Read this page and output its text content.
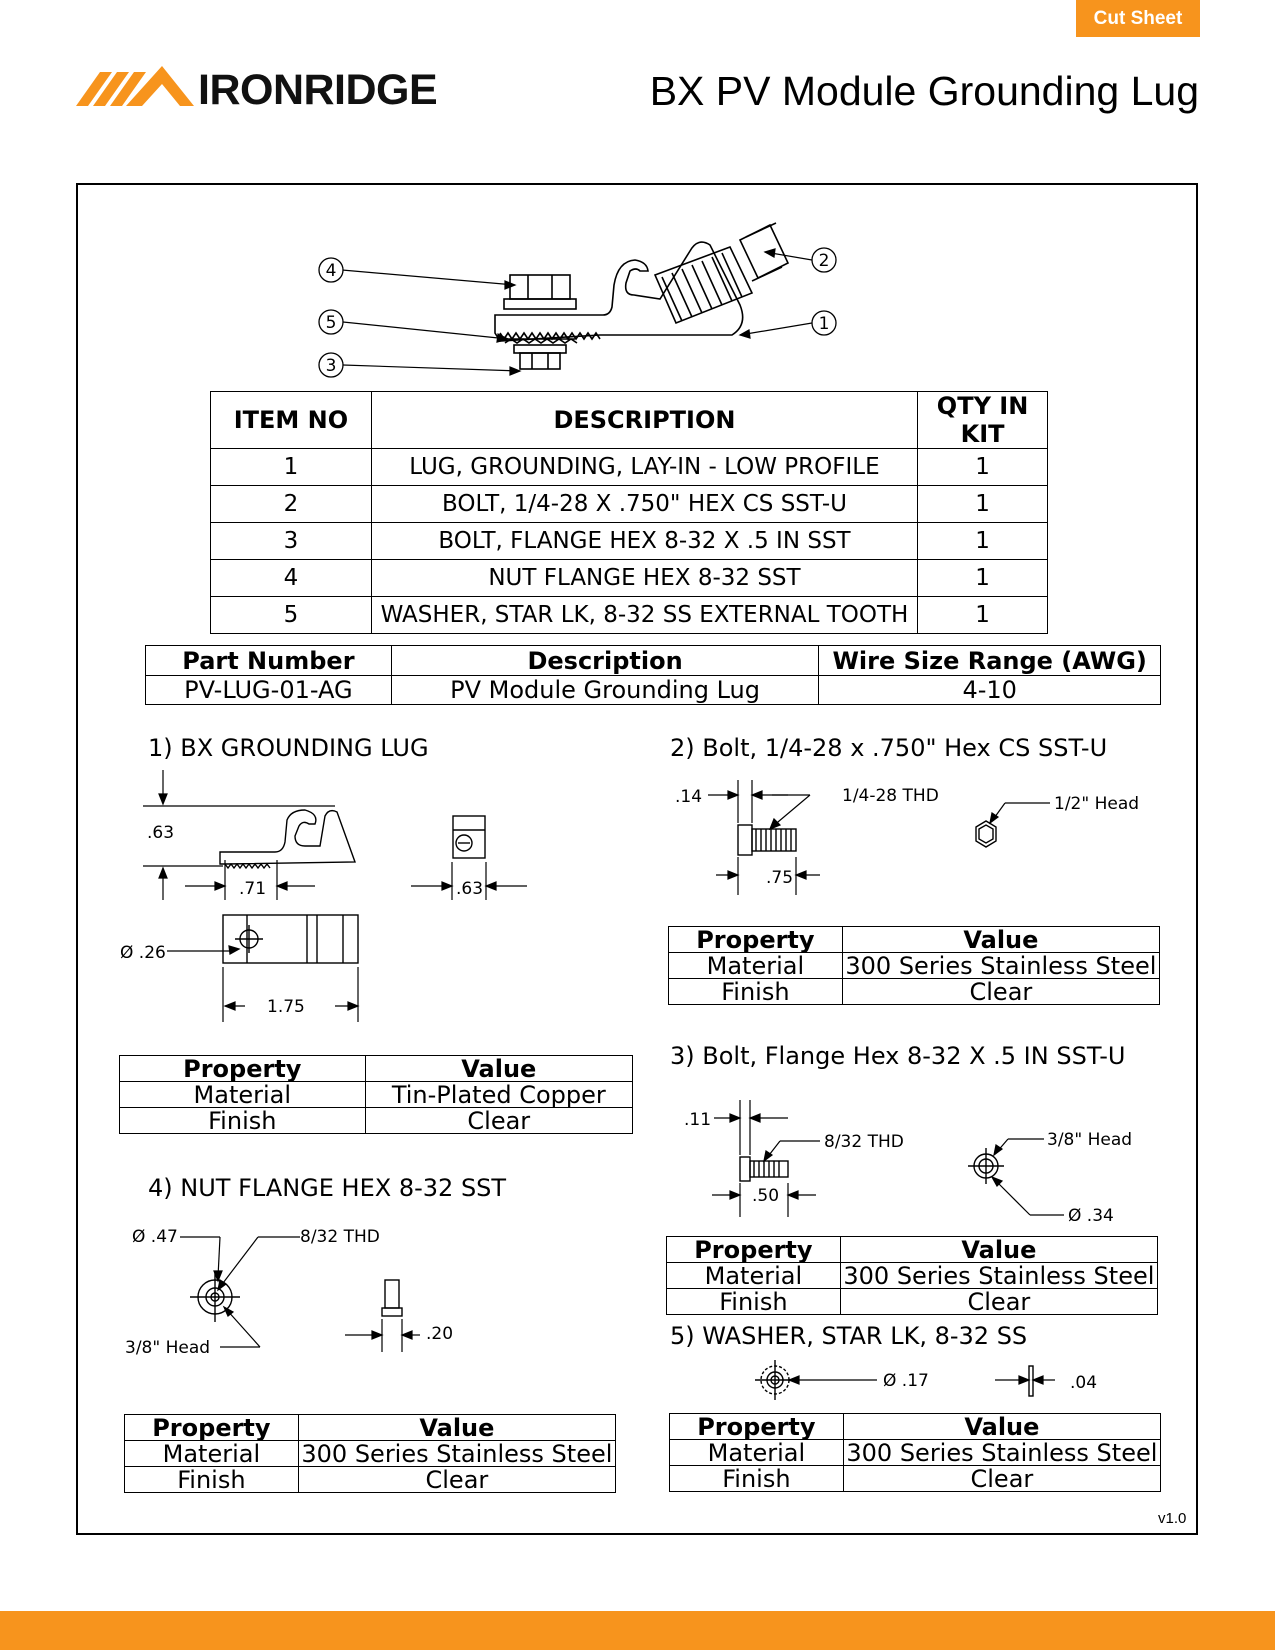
Cut Sheet
IRONRIDGE	BX PV Module Grounding Lug
4
5
3
2
1
ITEM NO	DESCRIPTION	QTY IN KIT
1	LUG, GROUNDING, LAY-IN - LOW PROFILE	1
2	BOLT, 1/4-28 X .750" HEX CS SST-U	1
3	BOLT, FLANGE HEX 8-32 X .5 IN SST	1
4	NUT FLANGE HEX 8-32 SST	1
5	WASHER, STAR LK, 8-32 SS EXTERNAL TOOTH	1
Part Number	Description	Wire Size Range (AWG)
PV-LUG-01-AG	PV Module Grounding Lug	4-10
1) BX GROUNDING LUG
.63
.71	.63
Ø .26
1.75
Property	Value
Material	Tin-Plated Copper
Finish	Clear
2) Bolt, 1/4-28 x .750" Hex CS SST-U
.14	1/4-28 THD	1/2" Head
.75
Property	Value
Material	300 Series Stainless Steel
Finish	Clear
3) Bolt, Flange Hex 8-32 X .5 IN SST-U
.11
8/32 THD	3/8" Head
.50
Ø .34
Property	Value
Material	300 Series Stainless Steel
Finish	Clear
4) NUT FLANGE HEX 8-32 SST
Ø .47	8/32 THD
3/8" Head
.20
Property	Value
Material	300 Series Stainless Steel
Finish	Clear
5) WASHER, STAR LK, 8-32 SS
Ø .17	.04
Property	Value
Material	300 Series Stainless Steel
Finish	Clear
v1.0
